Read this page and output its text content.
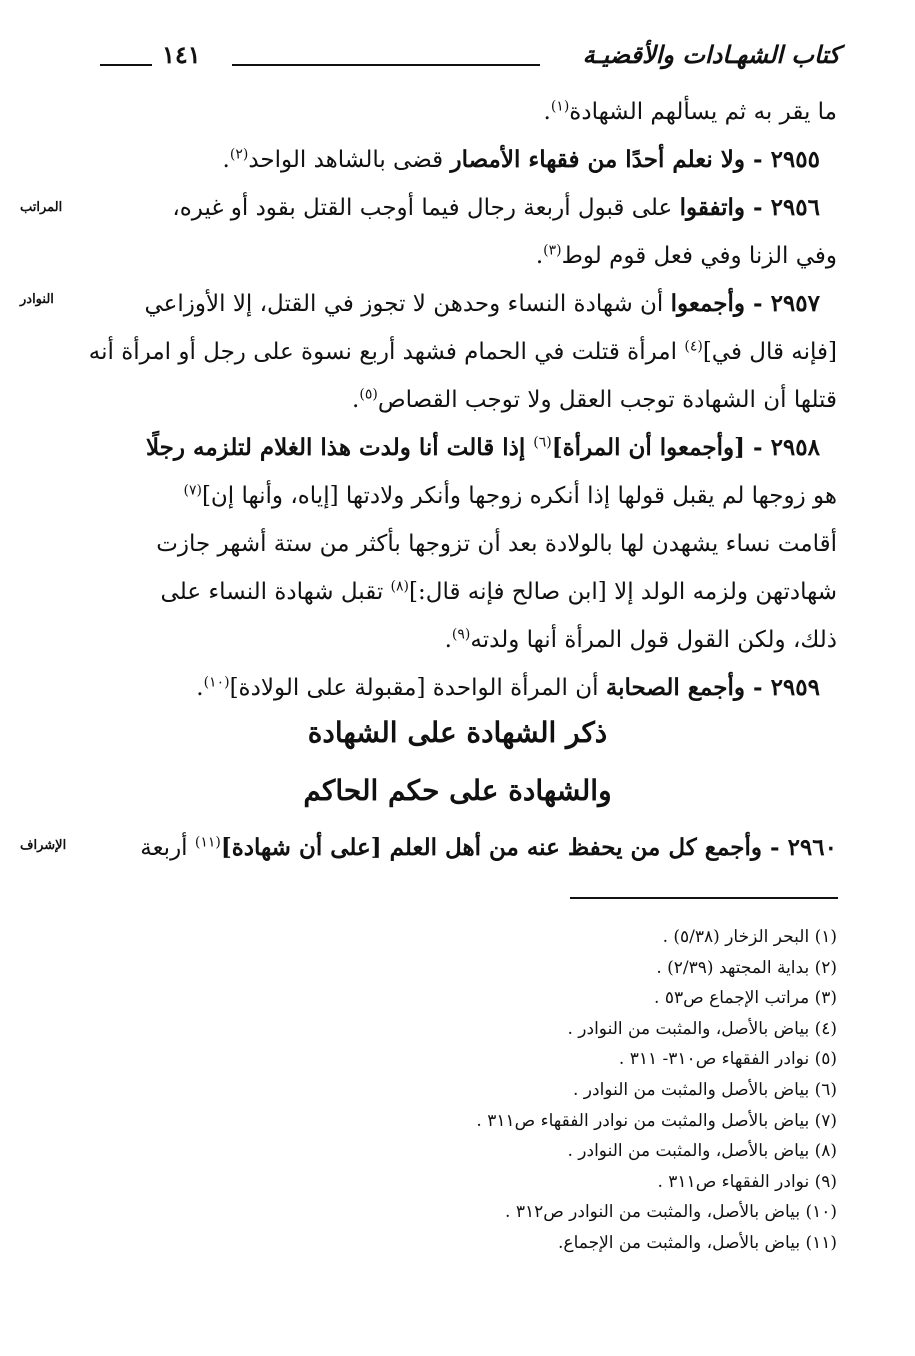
كتاب الشهـادات والأقضيـة
١٤١
ما يقر به ثم يسألهم الشهادة$^{(١)}$.
٢٩٥٥ - ولا نعلم أحدًا من فقهاء الأمصار قضى بالشاهد الواحد$^{(٢)}$.
٢٩٥٦ - واتفقوا على قبول أربعة رجال فيما أوجب القتل بقود أو غيره،
المراتب
وفي الزنا وفي فعل قوم لوط$^{(٣)}$.
٢٩٥٧ - وأجمعوا أن شهادة النساء وحدهن لا تجوز في القتل، إلا الأوزاعي
النوادر
[فإنه قال في]$^{(٤)}$ امرأة قتلت في الحمام فشهد أربع نسوة على رجل أو امرأة أنه
قتلها أن الشهادة توجب العقل ولا توجب القصاص$^{(٥)}$.
٢٩٥٨ - [وأجمعوا أن المرأة]$^{(٦)}$ إذا قالت أنا ولدت هذا الغلام لتلزمه رجلًا
هو زوجها لم يقبل قولها إذا أنكره زوجها وأنكر ولادتها [إياه، وأنها إن]$^{(٧)}$
أقامت نساء يشهدن لها بالولادة بعد أن تزوجها بأكثر من ستة أشهر جازت
شهادتهن ولزمه الولد إلا [ابن صالح فإنه قال:]$^{(٨)}$ تقبل شهادة النساء على
ذلك، ولكن القول قول المرأة أنها ولدته$^{(٩)}$.
٢٩٥٩ - وأجمع الصحابة أن المرأة الواحدة [مقبولة على الولادة]$^{(١٠)}$.
ذكر الشهادة على الشهادة
والشهادة على حكم الحاكم
٢٩٦٠ - وأجمع كل من يحفظ عنه من أهل العلم [على أن شهادة]$^{(١١)}$ أربعة
الإشراف
(١) البحر الزخار (٥/٣٨) .
(٢) بداية المجتهد (٢/٣٩) .
(٣) مراتب الإجماع ص٥٣ .
(٤) بياض بالأصل، والمثبت من النوادر .
(٥) نوادر الفقهاء ص٣١٠- ٣١١ .
(٦) بياض بالأصل والمثبت من النوادر .
(٧) بياض بالأصل والمثبت من نوادر الفقهاء ص٣١١ .
(٨) بياض بالأصل، والمثبت من النوادر .
(٩) نوادر الفقهاء ص٣١١ .
(١٠) بياض بالأصل، والمثبت من النوادر ص٣١٢ .
(١١) بياض بالأصل، والمثبت من الإجماع.
